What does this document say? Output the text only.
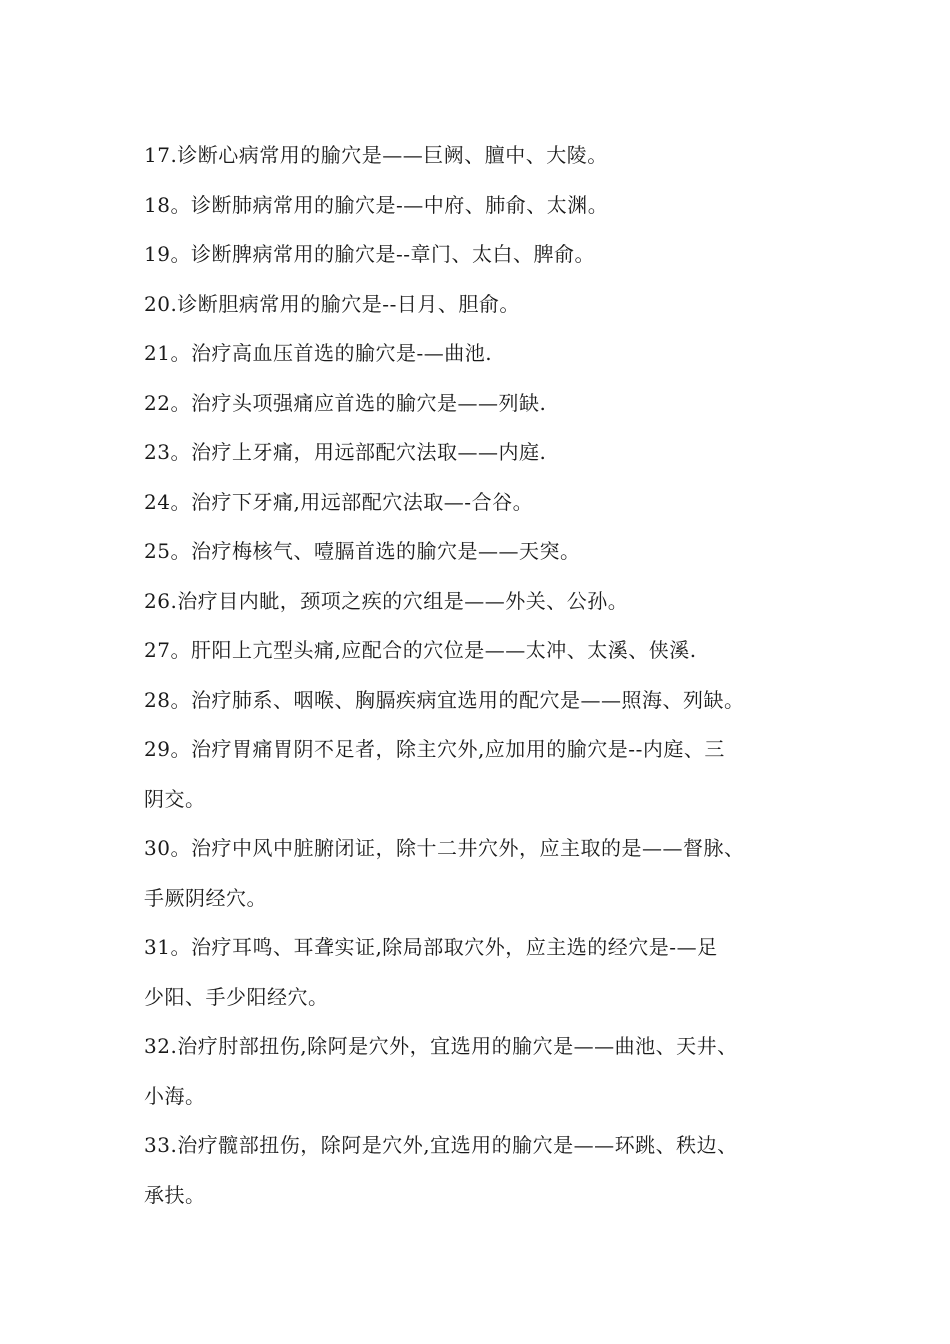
17.诊断心病常用的腧穴是——巨阙、膻中、大陵。
18。诊断肺病常用的腧穴是-—中府、肺俞、太渊。
19。诊断脾病常用的腧穴是--章门、太白、脾俞。
20.诊断胆病常用的腧穴是--日月、胆俞。
21。治疗高血压首选的腧穴是-—曲池.
22。治疗头项强痛应首选的腧穴是——列缺.
23。治疗上牙痛，用远部配穴法取——内庭.
24。治疗下牙痛,用远部配穴法取—-合谷。
25。治疗梅核气、噎膈首选的腧穴是——天突。
26.治疗目内眦，颈项之疾的穴组是——外关、公孙。
27。肝阳上亢型头痛,应配合的穴位是——太冲、太溪、侠溪.
28。治疗肺系、咽喉、胸膈疾病宜选用的配穴是——照海、列缺。
29。治疗胃痛胃阴不足者，除主穴外,应加用的腧穴是--内庭、三
阴交。
30。治疗中风中脏腑闭证，除十二井穴外，应主取的是——督脉、
手厥阴经穴。
31。治疗耳鸣、耳聋实证,除局部取穴外，应主选的经穴是-—足
少阳、手少阳经穴。
32.治疗肘部扭伤,除阿是穴外，宜选用的腧穴是——曲池、天井、
小海。
33.治疗髋部扭伤，除阿是穴外,宜选用的腧穴是——环跳、秩边、
承扶。
